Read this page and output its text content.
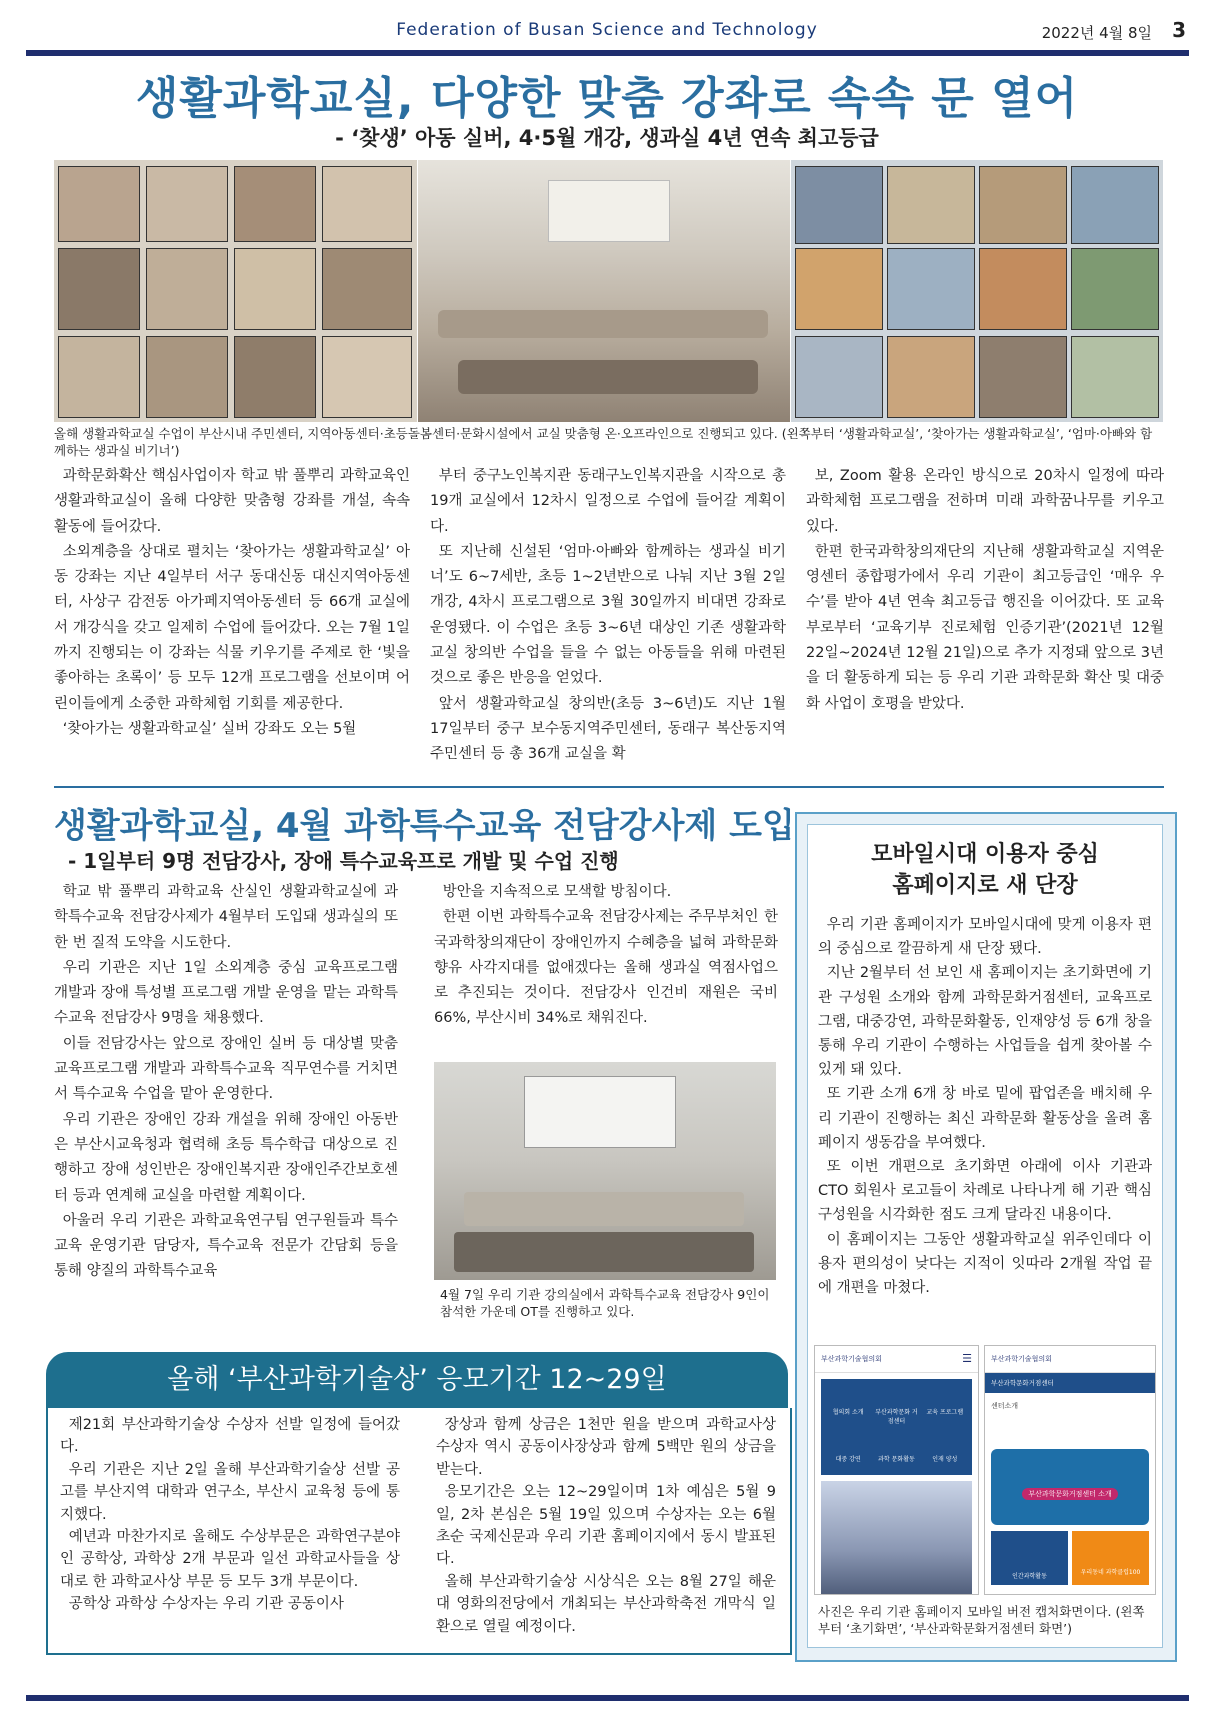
Federation of Busan Science and Technology	2022년 4월 8일 3
생활과학교실, 다양한 맞춤 강좌로 속속 문 열어
- ‘찾생’ 아동 실버, 4·5월 개강, 생과실 4년 연속 최고등급
올해 생활과학교실 수업이 부산시내 주민센터, 지역아동센터·초등돌봄센터·문화시설에서 교실 맞춤형 온·오프라인으로 진행되고 있다. (왼쪽부터 ‘생활과학교실’, ‘찾아가는 생활과학교실’, ‘엄마·아빠와 함께하는 생과실 비기너’)

과학문화확산 핵심사업이자 학교 밖 풀뿌리 과학교육인 생활과학교실이 올해 다양한 맞춤형 강좌를 개설, 속속 활동에 들어갔다.

소외계층을 상대로 펼치는 ‘찾아가는 생활과학교실’ 아동 강좌는 지난 4일부터 서구 동대신동 대신지역아동센터, 사상구 감전동 아가페지역아동센터 등 66개 교실에서 개강식을 갖고 일제히 수업에 들어갔다. 오는 7월 1일까지 진행되는 이 강좌는 식물 키우기를 주제로 한 ‘빛을 좋아하는 초록이’ 등 모두 12개 프로그램을 선보이며 어린이들에게 소중한 과학체험 기회를 제공한다.

‘찾아가는 생활과학교실’ 실버 강좌도 오는 5월

부터 중구노인복지관 동래구노인복지관을 시작으로 총 19개 교실에서 12차시 일정으로 수업에 들어갈 계획이다.

또 지난해 신설된 ‘엄마·아빠와 함께하는 생과실 비기너’도 6~7세반, 초등 1~2년반으로 나눠 지난 3월 2일 개강, 4차시 프로그램으로 3월 30일까지 비대면 강좌로 운영됐다. 이 수업은 초등 3~6년 대상인 기존 생활과학교실 창의반 수업을 들을 수 없는 아동들을 위해 마련된 것으로 좋은 반응을 얻었다.

앞서 생활과학교실 창의반(초등 3~6년)도 지난 1월 17일부터 중구 보수동지역주민센터, 동래구 복산동지역주민센터 등 총 36개 교실을 확

보, Zoom 활용 온라인 방식으로 20차시 일정에 따라 과학체험 프로그램을 전하며 미래 과학꿈나무를 키우고 있다.

한편 한국과학창의재단의 지난해 생활과학교실 지역운영센터 종합평가에서 우리 기관이 최고등급인 ‘매우 우수’를 받아 4년 연속 최고등급 행진을 이어갔다. 또 교육부로부터 ‘교육기부 진로체험 인증기관’(2021년 12월 22일~2024년 12월 21일)으로 추가 지정돼 앞으로 3년을 더 활동하게 되는 등 우리 기관 과학문화 확산 및 대중화 사업이 호평을 받았다.

생활과학교실, 4월 과학특수교육 전담강사제 도입
- 1일부터 9명 전담강사, 장애 특수교육프로 개발 및 수업 진행

학교 밖 풀뿌리 과학교육 산실인 생활과학교실에 과학특수교육 전담강사제가 4월부터 도입돼 생과실의 또 한 번 질적 도약을 시도한다.

우리 기관은 지난 1일 소외계층 중심 교육프로그램 개발과 장애 특성별 프로그램 개발 운영을 맡는 과학특수교육 전담강사 9명을 채용했다.

이들 전담강사는 앞으로 장애인 실버 등 대상별 맞춤 교육프로그램 개발과 과학특수교육 직무연수를 거치면서 특수교육 수업을 맡아 운영한다.

우리 기관은 장애인 강좌 개설을 위해 장애인 아동반은 부산시교육청과 협력해 초등 특수학급 대상으로 진행하고 장애 성인반은 장애인복지관 장애인주간보호센터 등과 연계해 교실을 마련할 계획이다.

아울러 우리 기관은 과학교육연구팀 연구원들과 특수교육 운영기관 담당자, 특수교육 전문가 간담회 등을 통해 양질의 과학특수교육

방안을 지속적으로 모색할 방침이다.

한편 이번 과학특수교육 전담강사제는 주무부처인 한국과학창의재단이 장애인까지 수혜층을 넓혀 과학문화 향유 사각지대를 없애겠다는 올해 생과실 역점사업으로 추진되는 것이다. 전담강사 인건비 재원은 국비 66%, 부산시비 34%로 채워진다.

4월 7일 우리 기관 강의실에서 과학특수교육 전담강사 9인이 참석한 가운데 OT를 진행하고 있다.
모바일시대 이용자 중심
홈페이지로 새 단장

우리 기관 홈페이지가 모바일시대에 맞게 이용자 편의 중심으로 깔끔하게 새 단장 됐다.

지난 2월부터 선 보인 새 홈페이지는 초기화면에 기관 구성원 소개와 함께 과학문화거점센터, 교육프로그램, 대중강연, 과학문화활동, 인재양성 등 6개 창을 통해 우리 기관이 수행하는 사업들을 쉽게 찾아볼 수 있게 돼 있다.

또 기관 소개 6개 창 바로 밑에 팝업존을 배치해 우리 기관이 진행하는 최신 과학문화 활동상을 올려 홈페이지 생동감을 부여했다.

또 이번 개편으로 초기화면 아래에 이사 기관과 CTO 회원사 로고들이 차례로 나타나게 해 기관 핵심 구성원을 시각화한 점도 크게 달라진 내용이다.

이 홈페이지는 그동안 생활과학교실 위주인데다 이용자 편의성이 낮다는 지적이 잇따라 2개월 작업 끝에 개편을 마쳤다.

부산과학기술협의회	☰
협의회 소개	부산과학문화 거점센터
교육 프로그램
대중 강연	과학 문화활동	인재 양성
부산과학기술협의회
부산과학문화거점센터
센터소개
부산과학문화거점센터 소개
인간과학활동
우리동네 과학클럽100
사진은 우리 기관 홈페이지 모바일 버전 캡처화면이다. (왼쪽부터 ‘초기화면’, ‘부산과학문화거점센터 화면’)
올해 ‘부산과학기술상’ 응모기간 12~29일

제21회 부산과학기술상 수상자 선발 일정에 들어갔다.

우리 기관은 지난 2일 올해 부산과학기술상 선발 공고를 부산지역 대학과 연구소, 부산시 교육청 등에 통지했다.

예년과 마찬가지로 올해도 수상부문은 과학연구분야인 공학상, 과학상 2개 부문과 일선 과학교사들을 상대로 한 과학교사상 부문 등 모두 3개 부문이다.

공학상 과학상 수상자는 우리 기관 공동이사

장상과 함께 상금은 1천만 원을 받으며 과학교사상 수상자 역시 공동이사장상과 함께 5백만 원의 상금을 받는다.

응모기간은 오는 12~29일이며 1차 예심은 5월 9일, 2차 본심은 5월 19일 있으며 수상자는 오는 6월 초순 국제신문과 우리 기관 홈페이지에서 동시 발표된다.

올해 부산과학기술상 시상식은 오는 8월 27일 해운대 영화의전당에서 개최되는 부산과학축전 개막식 일환으로 열릴 예정이다.
